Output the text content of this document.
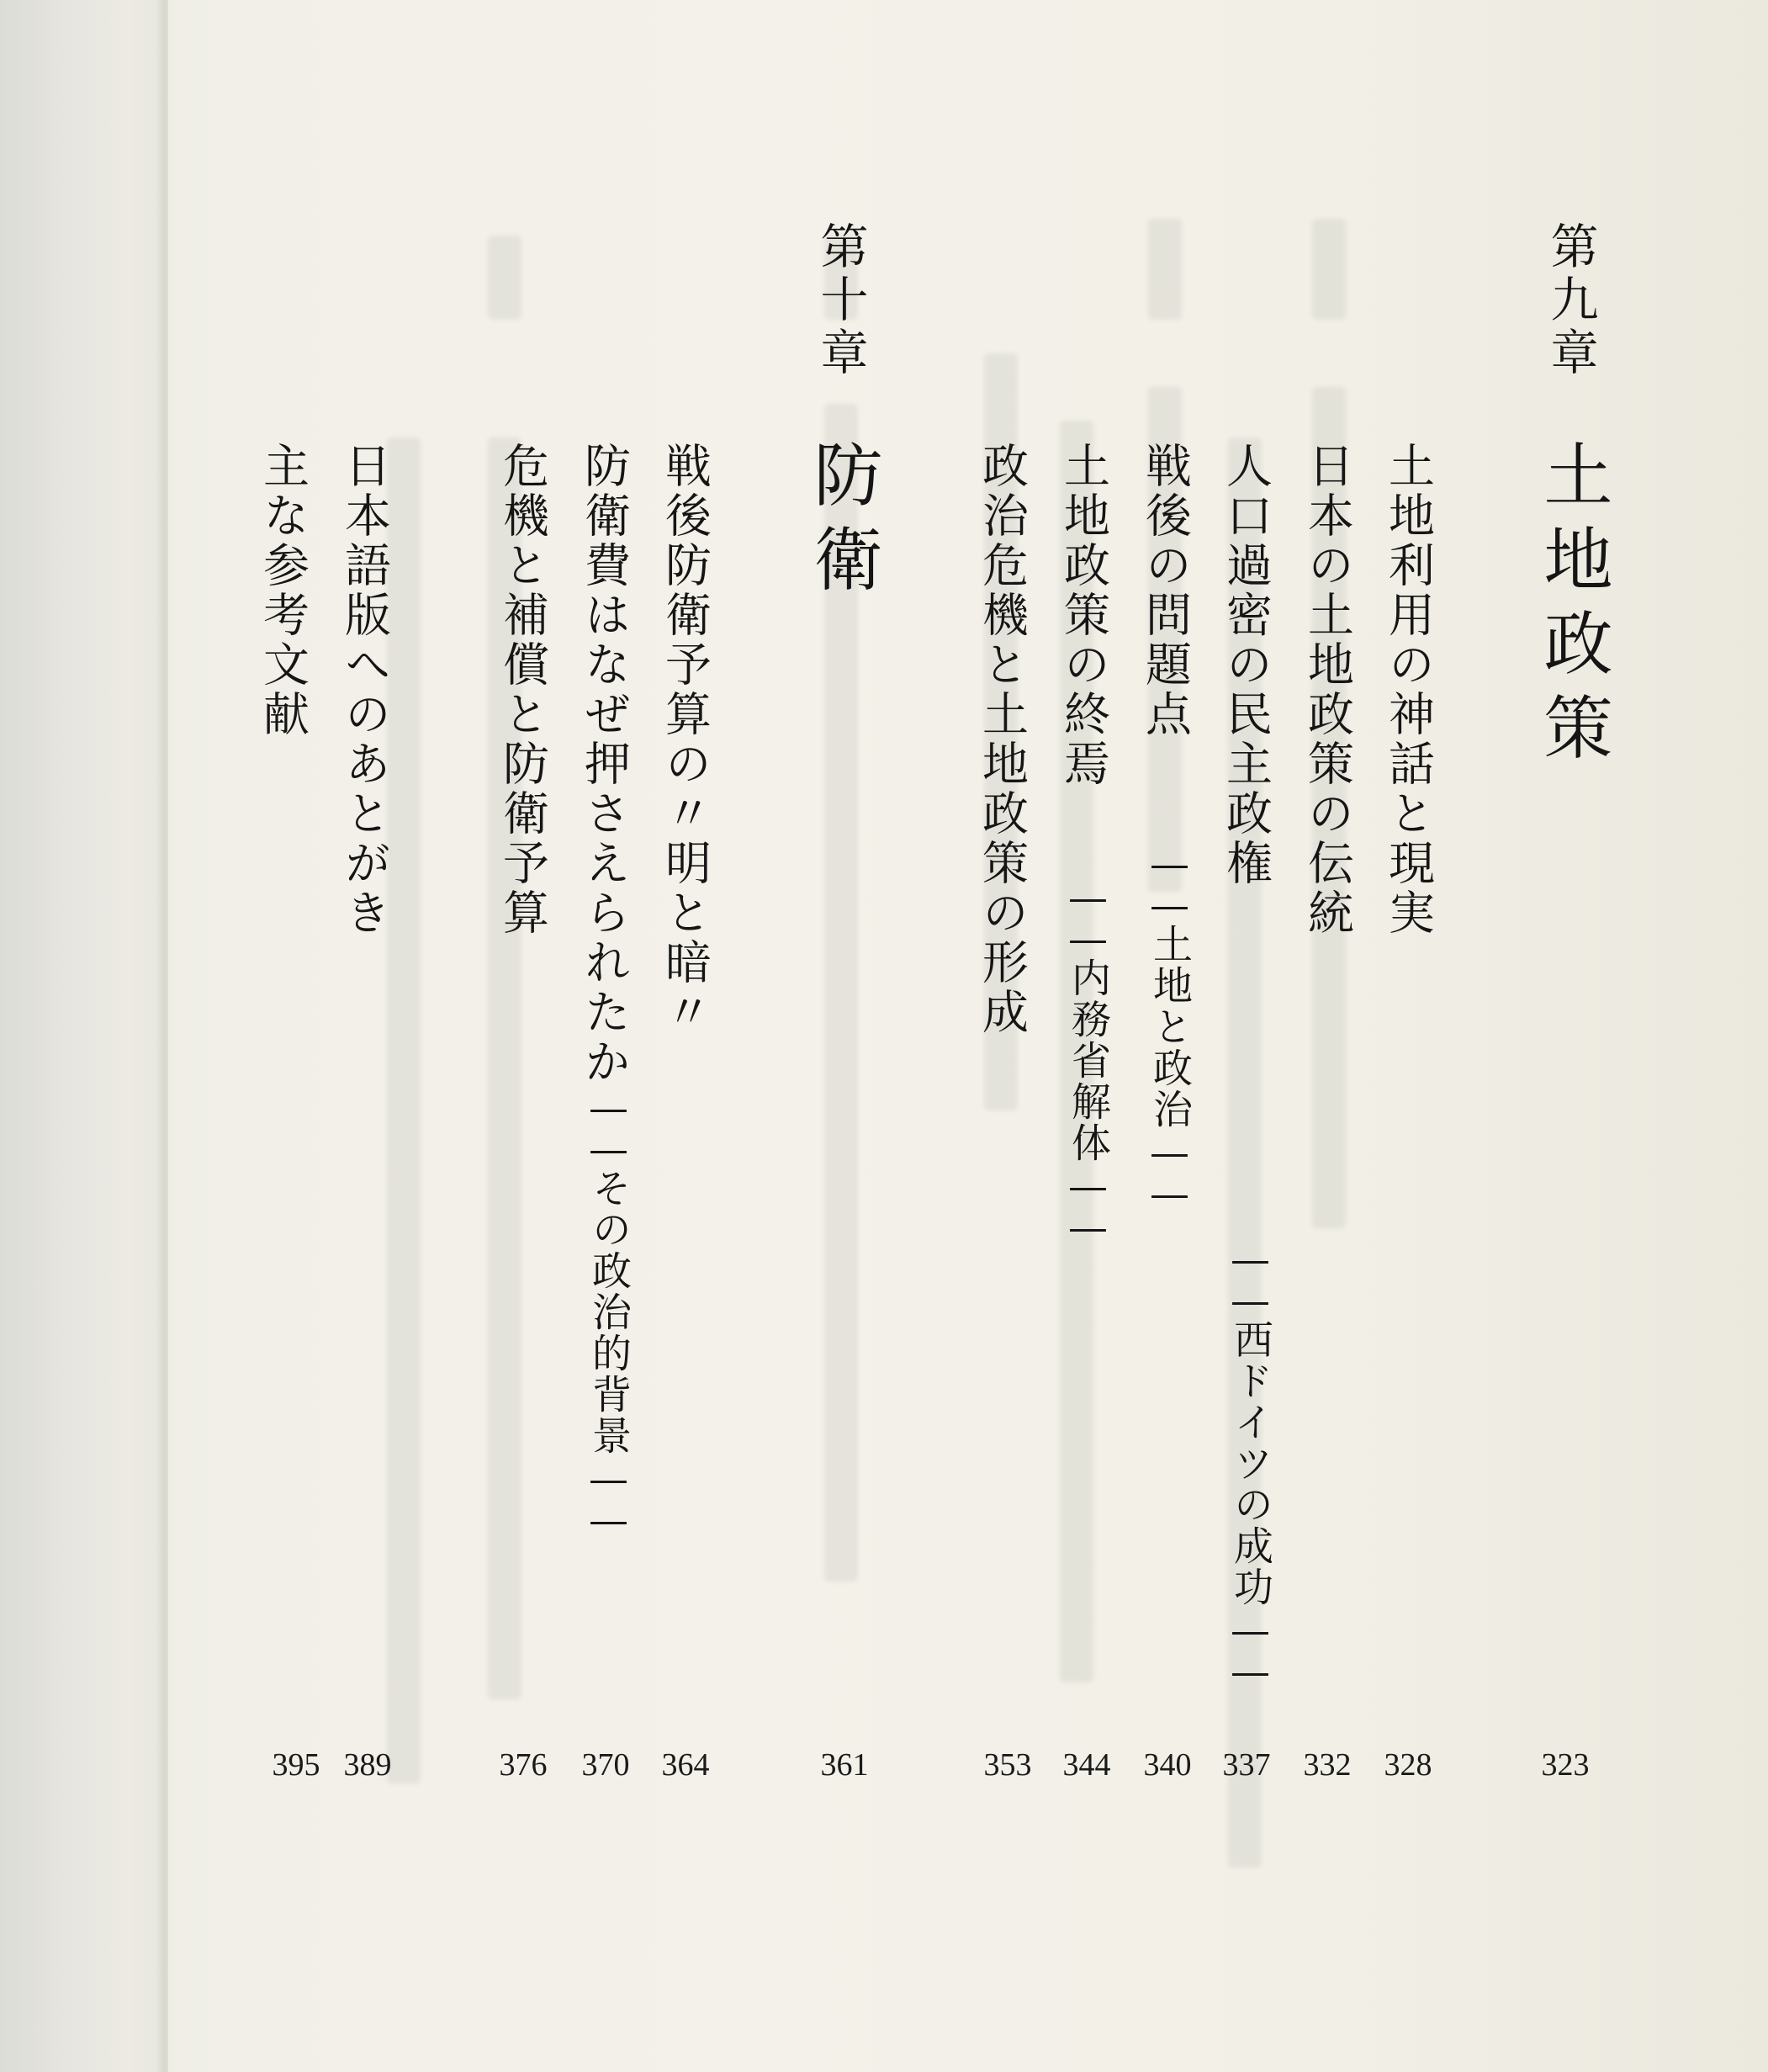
第九章
土地政策
土地利用の神話と現実
日本の土地政策の伝統
人口過密の民主政権
——西ドイツの成功——
戦後の問題点
——土地と政治——
土地政策の終焉
——内務省解体——
政治危機と土地政策の形成
第十章
防衛
戦後防衛予算の〃明と暗〃
防衛費はなぜ押さえられたか
——その政治的背景——
危機と補償と防衛予算
日本語版へのあとがき
主な参考文献
323
328
332
337
340
344
353
361
364
370
376
389
395
